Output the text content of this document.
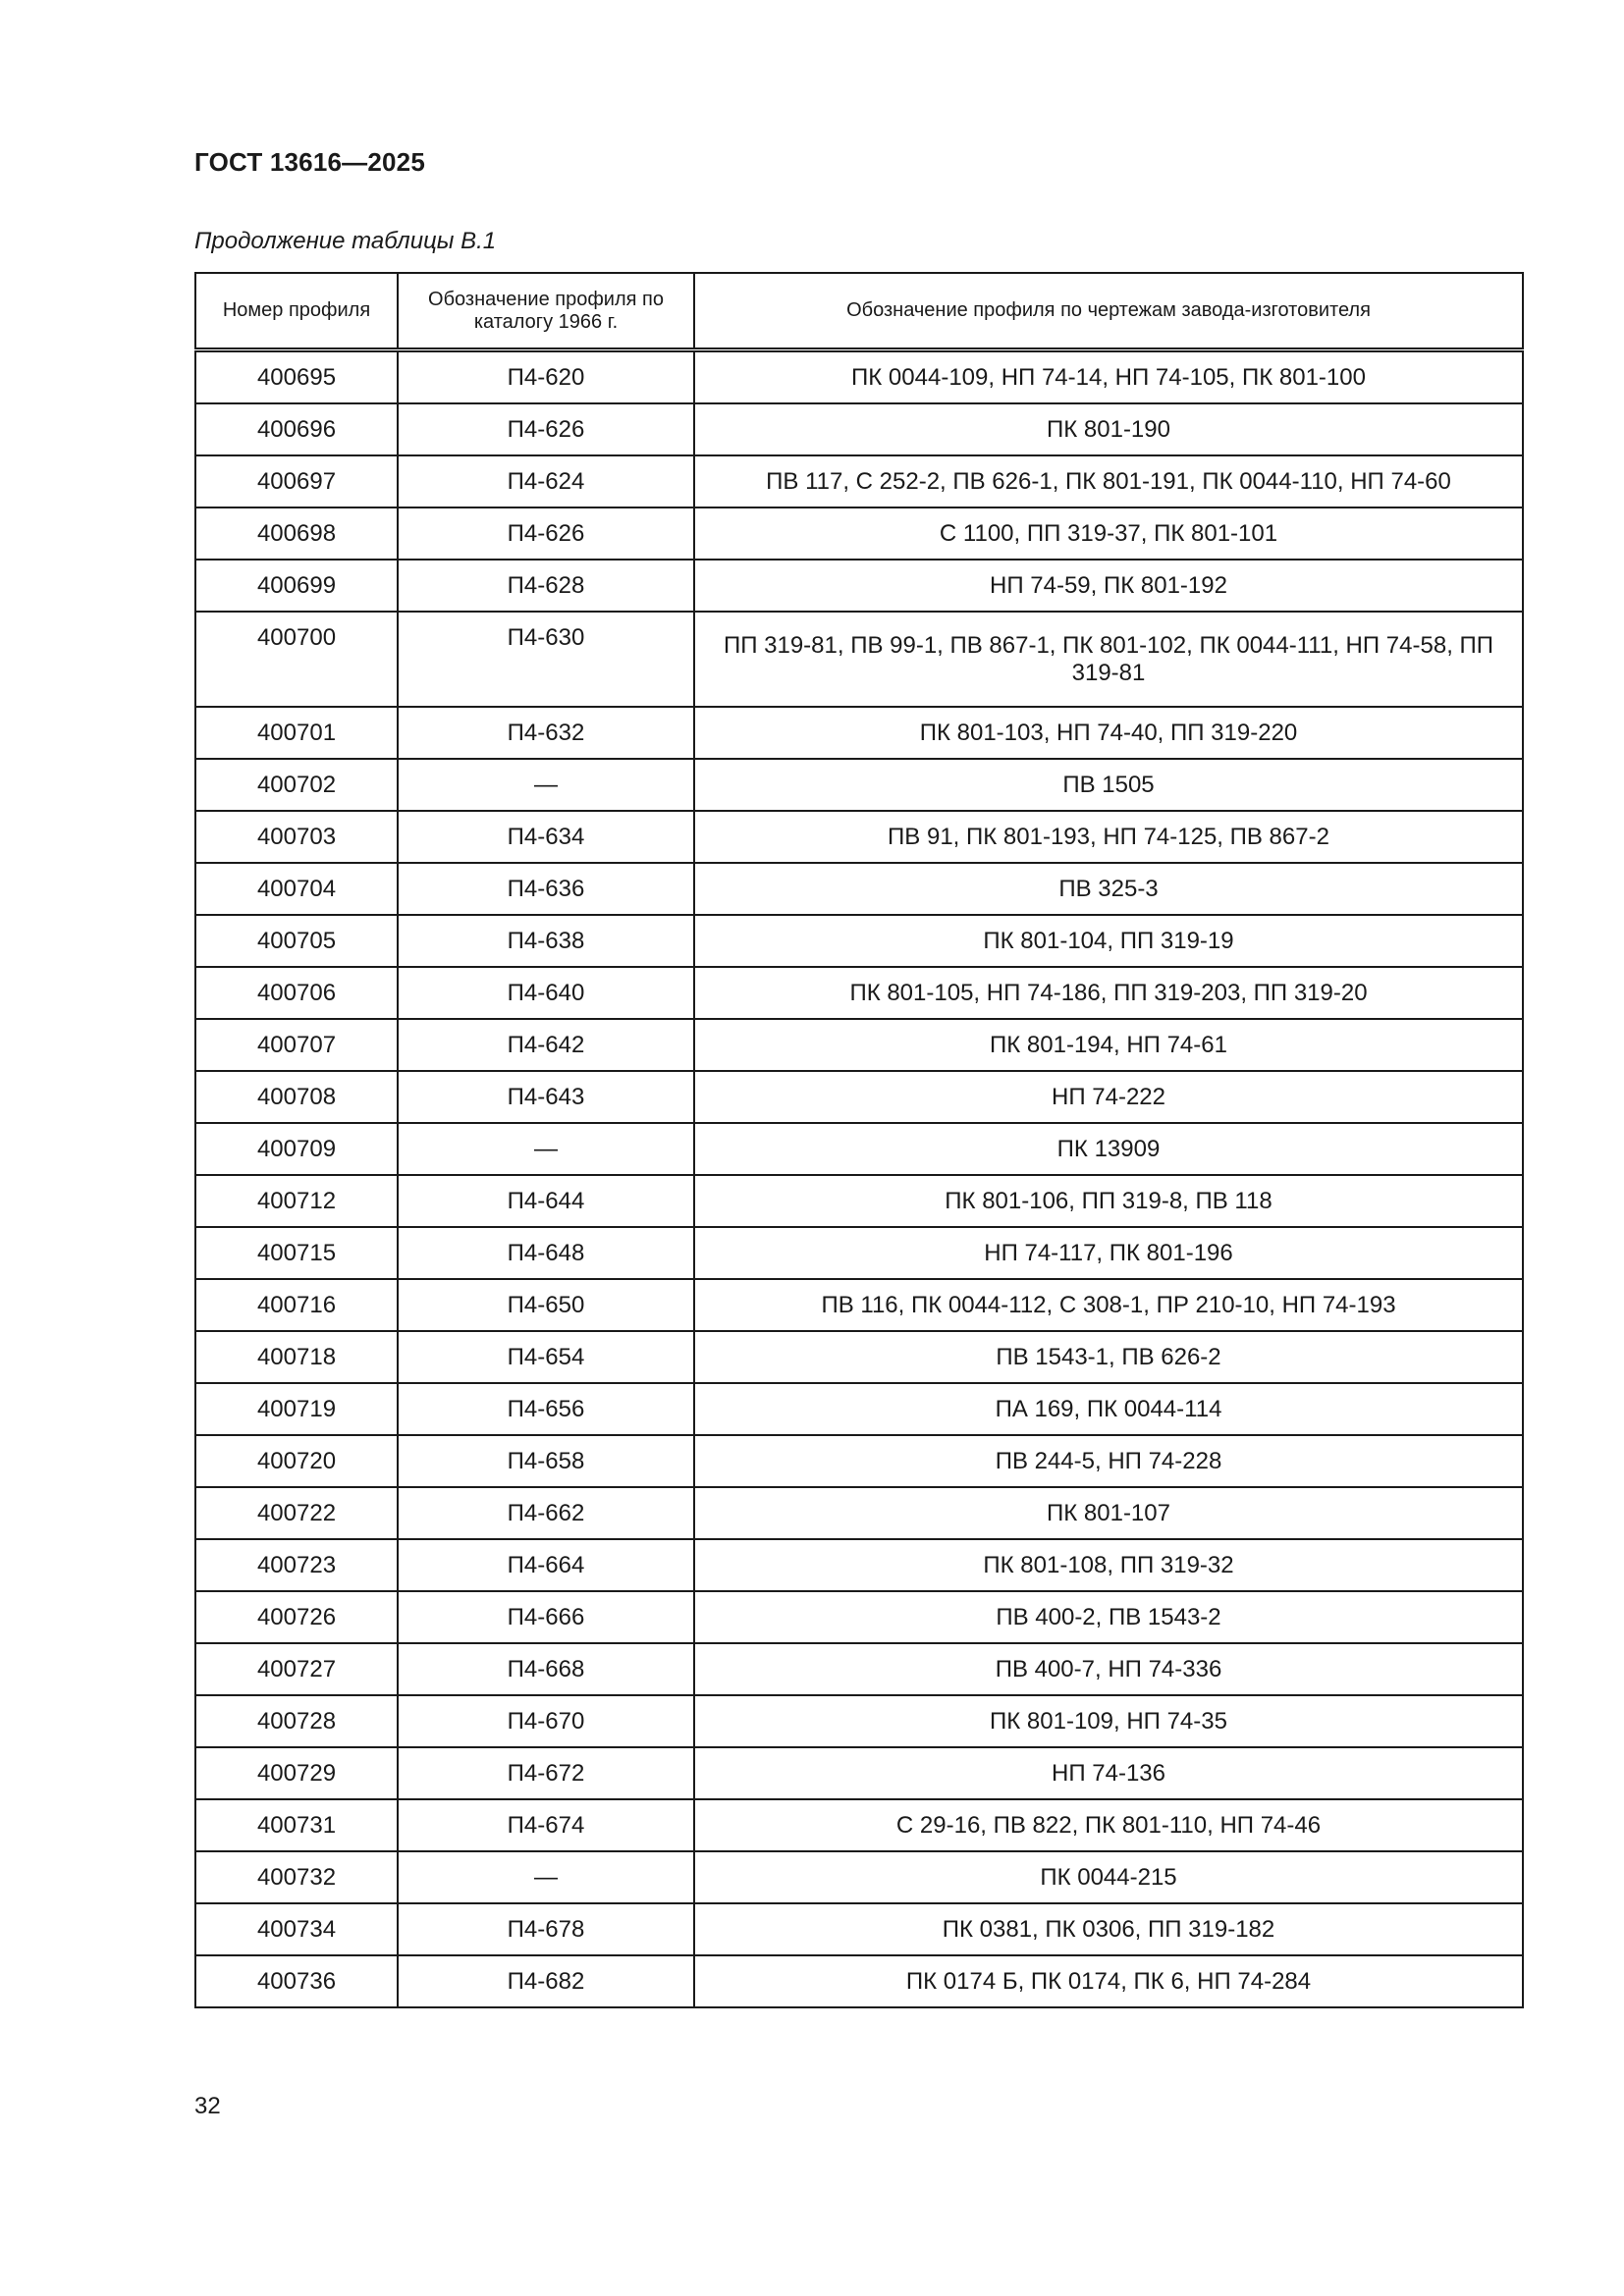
ГОСТ 13616—2025
Продолжение таблицы В.1
Номер профиля	Обозначение профиля по каталогу 1966 г.	Обозначение профиля по чертежам завода-изготовителя
400695	П4-620	ПК 0044-109, НП 74-14, НП 74-105, ПК 801-100
400696	П4-626	ПК 801-190
400697	П4-624	ПВ 117, С 252-2, ПВ 626-1, ПК 801-191, ПК 0044-110, НП 74-60
400698	П4-626	С 1100, ПП 319-37, ПК 801-101
400699	П4-628	НП 74-59, ПК 801-192
400700	П4-630	ПП 319-81, ПВ 99-1, ПВ 867-1, ПК 801-102, ПК 0044-111, НП 74-58, ПП 319-81
400701	П4-632	ПК 801-103, НП 74-40, ПП 319-220
400702	—	ПВ 1505
400703	П4-634	ПВ 91, ПК 801-193, НП 74-125, ПВ 867-2
400704	П4-636	ПВ 325-3
400705	П4-638	ПК 801-104, ПП 319-19
400706	П4-640	ПК 801-105, НП 74-186, ПП 319-203, ПП 319-20
400707	П4-642	ПК 801-194, НП 74-61
400708	П4-643	НП 74-222
400709	—	ПК 13909
400712	П4-644	ПК 801-106, ПП 319-8, ПВ 118
400715	П4-648	НП 74-117, ПК 801-196
400716	П4-650	ПВ 116, ПК 0044-112, С 308-1, ПР 210-10, НП 74-193
400718	П4-654	ПВ 1543-1, ПВ 626-2
400719	П4-656	ПА 169, ПК 0044-114
400720	П4-658	ПВ 244-5, НП 74-228
400722	П4-662	ПК 801-107
400723	П4-664	ПК 801-108, ПП 319-32
400726	П4-666	ПВ 400-2, ПВ 1543-2
400727	П4-668	ПВ 400-7, НП 74-336
400728	П4-670	ПК 801-109, НП 74-35
400729	П4-672	НП 74-136
400731	П4-674	С 29-16, ПВ 822, ПК 801-110, НП 74-46
400732	—	ПК 0044-215
400734	П4-678	ПК 0381, ПК 0306, ПП 319-182
400736	П4-682	ПК 0174 Б, ПК 0174, ПК 6, НП 74-284
32
